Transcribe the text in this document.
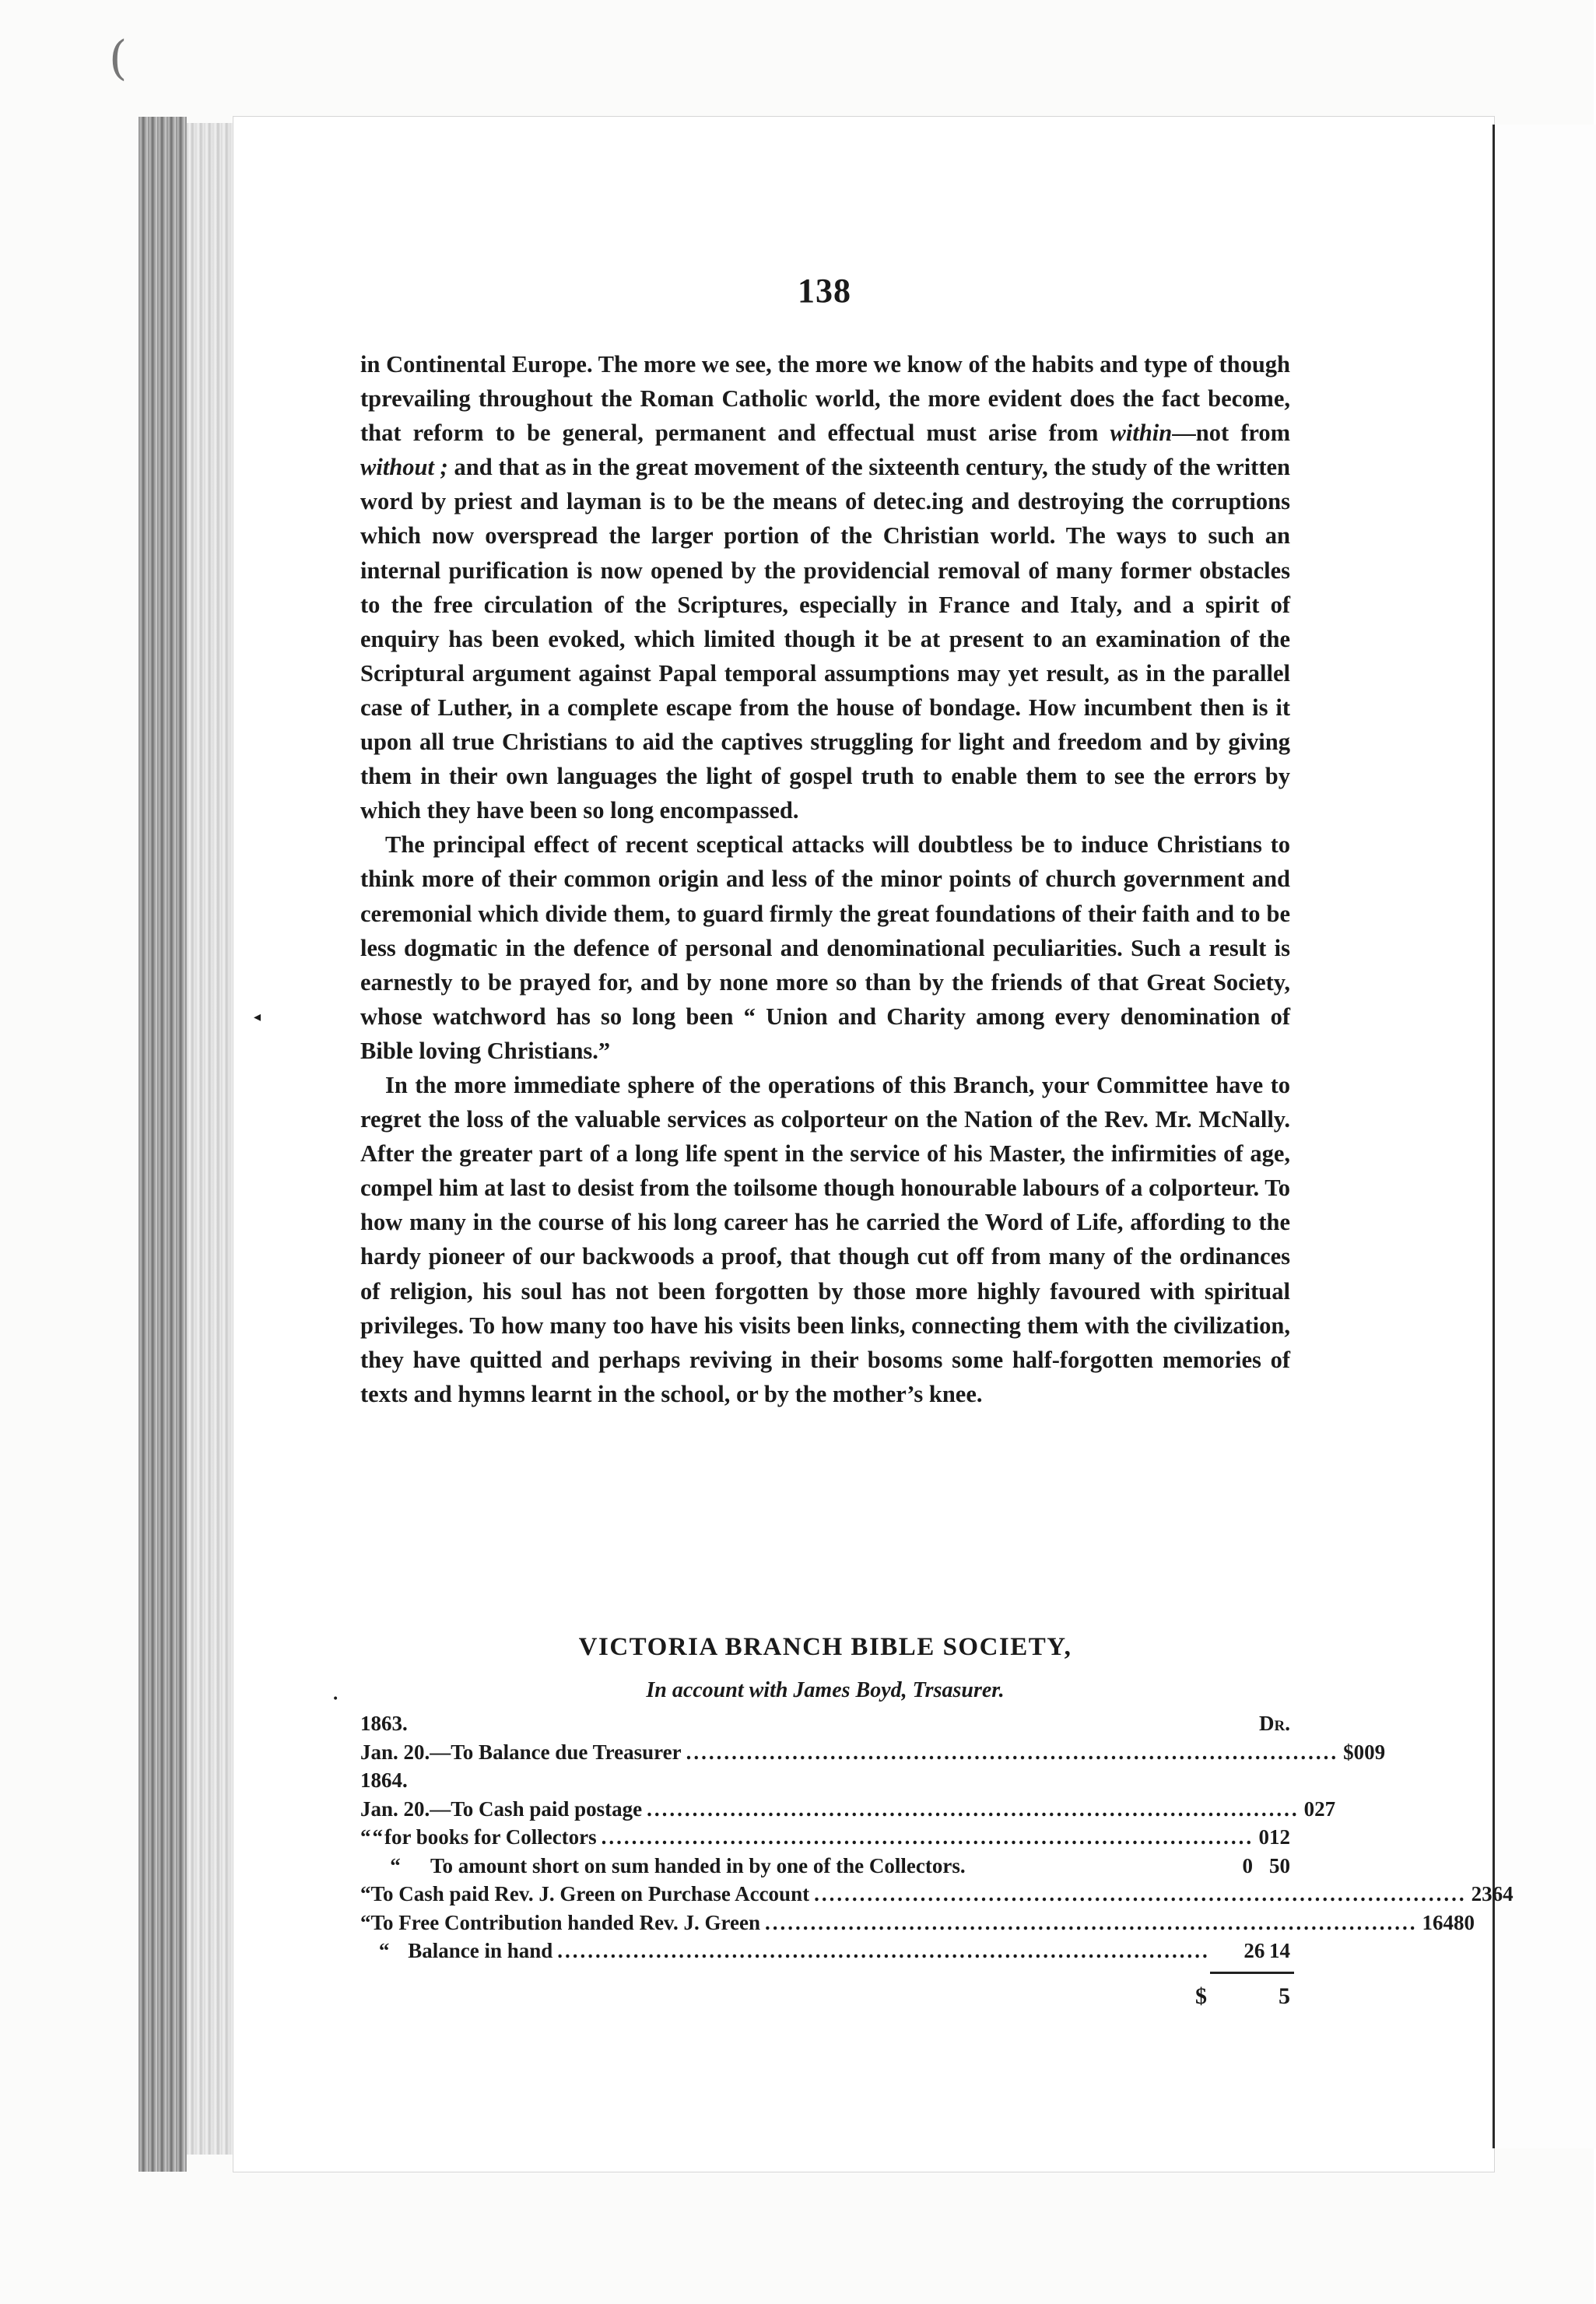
(
◂
•
138

in Continental Europe. The more we see, the more we know of the habits and type of though tprevailing throughout the Roman Catholic world, the more evident does the fact become, that reform to be general, permanent and effectual must arise from within—not from without ; and that as in the great movement of the sixteenth century, the study of the written word by priest and layman is to be the means of detec.ing and destroying the corruptions which now overspread the larger portion of the Christian world. The ways to such an internal purification is now opened by the providencial removal of many former obstacles to the free circulation of the Scriptures, especially in France and Italy, and a spirit of enquiry has been evoked, which limited though it be at present to an examination of the Scriptural argument against Papal temporal assumptions may yet result, as in the parallel case of Luther, in a complete escape from the house of bondage. How incumbent then is it upon all true Christians to aid the captives struggling for light and freedom and by giving them in their own languages the light of gospel truth to enable them to see the errors by which they have been so long encompassed.

The principal effect of recent sceptical attacks will doubtless be to induce Christians to think more of their common origin and less of the minor points of church government and ceremonial which divide them, to guard firmly the great foundations of their faith and to be less dogmatic in the defence of personal and denominational peculiarities. Such a result is earnestly to be prayed for, and by none more so than by the friends of that Great Society, whose watchword has so long been “ Union and Charity among every denomination of Bible loving Christians.”

In the more immediate sphere of the operations of this Branch, your Committee have to regret the loss of the valuable services as colporteur on the Nation of the Rev. Mr. McNally. After the greater part of a long life spent in the service of his Master, the infirmities of age, compel him at last to desist from the toilsome though honourable labours of a colporteur. To how many in the course of his long career has he carried the Word of Life, affording to the hardy pioneer of our backwoods a proof, that though cut off from many of the ordinances of religion, his soul has not been forgotten by those more highly favoured with spiritual privileges. To how many too have his visits been links, connecting them with the civilization, they have quitted and perhaps reviving in their bosoms some half-forgotten memories of texts and hymns learnt in the school, or by the mother’s knee.

VICTORIA BRANCH BIBLE SOCIETY,
In account with James Boyd, Trsasurer.
1863.	Dr.
Jan. 20.— To Balance due Treasurer ...................................................................................... $0 09
1864.
Jan. 20.— To Cash paid postage ...................................................................................... 0 27
“ “ for books for Collectors ...................................................................................... 0 12
“	To amount short on sum handed in by one of the Collectors.	0 50
“ To Cash paid Rev. J. Green on Purchase Account ...................................................................................... 23 64
“ To Free Contribution handed Rev. J. Green ...................................................................................... 164 80
“ Balance in hand ......................................................................................	26 14
$	5
